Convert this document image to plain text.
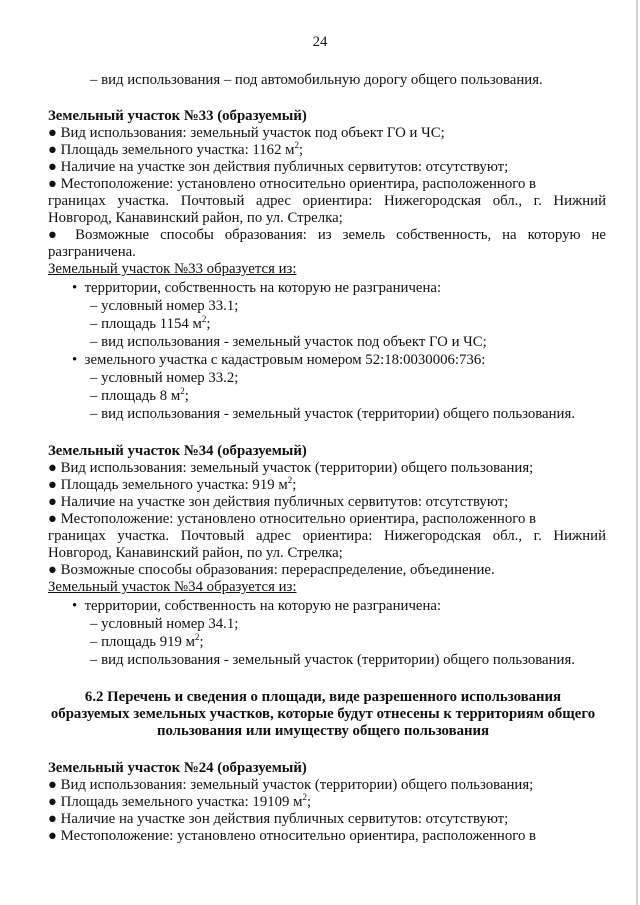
24
– вид использования – под автомобильную дорогу общего пользования.
Земельный участок №33 (образуемый)
● Вид использования: земельный участок под объект ГО и ЧС;
● Площадь земельного участка: 1162 $м^2$;
● Наличие на участке зон действия публичных сервитутов: отсутствуют;
● Местоположение: установлено относительно ориентира, расположенного в
границах участка. Почтовый адрес ориентира: Нижегородская обл., г. Нижний
Новгород, Канавинский район, по ул. Стрелка;
● Возможные способы образования: из земель собственность, на которую не
разграничена.
Земельный участок №33 образуется из:
•  территории, собственность на которую не разграничена:
– условный номер 33.1;
– площадь 1154 $м^2$;
– вид использования - земельный участок под объект ГО и ЧС;
•  земельного участка с кадастровым номером 52:18:0030006:736:
– условный номер 33.2;
– площадь 8 $м^2$;
– вид использования - земельный участок (территории) общего пользования.
Земельный участок №34 (образуемый)
● Вид использования: земельный участок (территории) общего пользования;
● Площадь земельного участка: 919 $м^2$;
● Наличие на участке зон действия публичных сервитутов: отсутствуют;
● Местоположение: установлено относительно ориентира, расположенного в
границах участка. Почтовый адрес ориентира: Нижегородская обл., г. Нижний
Новгород, Канавинский район, по ул. Стрелка;
● Возможные способы образования: перераспределение, объединение.
Земельный участок №34 образуется из:
•  территории, собственность на которую не разграничена:
– условный номер 34.1;
– площадь 919 $м^2$;
– вид использования - земельный участок (территории) общего пользования.
6.2 Перечень и сведения о площади, виде разрешенного использования
образуемых земельных участков, которые будут отнесены к территориям общего
пользования или имуществу общего пользования
Земельный участок №24 (образуемый)
● Вид использования: земельный участок (территории) общего пользования;
● Площадь земельного участка: 19109 $м^2$;
● Наличие на участке зон действия публичных сервитутов: отсутствуют;
● Местоположение: установлено относительно ориентира, расположенного в
